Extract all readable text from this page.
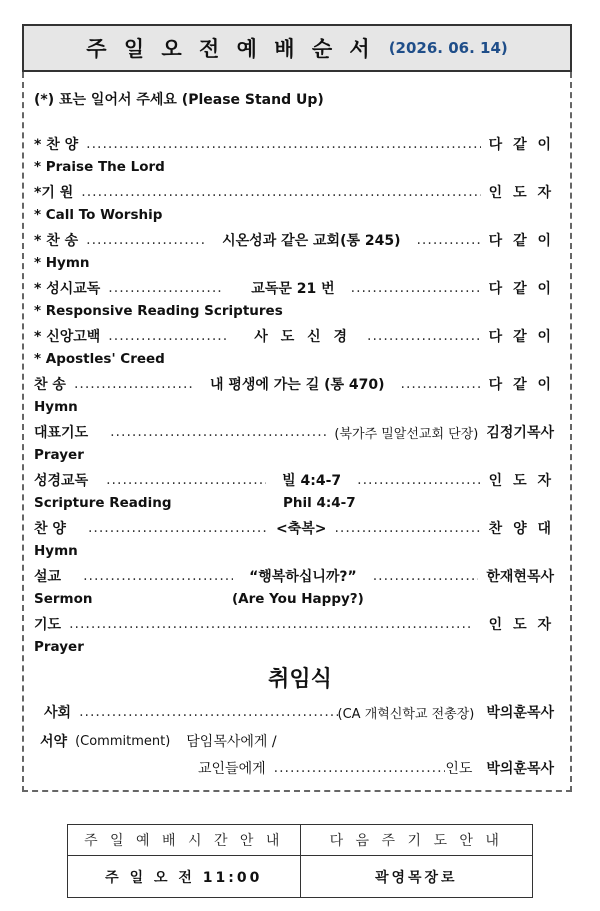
주 일 오 전 예 배 순 서 (2026. 06. 14)
(*) 표는 일어서 주세요 (Please Stand Up)
* 찬 양 .....	다 같 이
* Praise The Lord
*기 원 .....	인 도 자
* Call To Worship
* 찬 송 .....	시온성과 같은 교회(통 245) .....	다 같 이
* Hymn
* 성시교독 .....	교독문 21 번 .....	다 같 이
* Responsive Reading Scriptures
* 신앙고백 .....	사 도 신 경 .....	다 같 이
* Apostles' Creed
찬 송 .....	내 평생에 가는 길 (통 470) .....	다 같 이
Hymn
대표기도 .....	(북가주 밀알선교회 단장) 김정기목사
Prayer
성경교독 .....	빌 4:4-7 .....	인 도 자
Scripture Reading	Phil 4:4-7
찬 양 .....	<축복> .....	찬 양 대
Hymn
설교 .....	“행복하십니까?” .....	한재현목사
Sermon	(Are You Happy?)
기도 .....	인 도 자
Prayer
취임식
사회 .....	(CA 개혁신학교 전총장) 박의훈목사
서약 (Commitment) 담임목사에게 /
교인들에게 .....	인도 박의훈목사
주 일 예 배 시 간 안 내	다 음 주 기 도 안 내
주 일 오 전 11:00	곽영목장로
